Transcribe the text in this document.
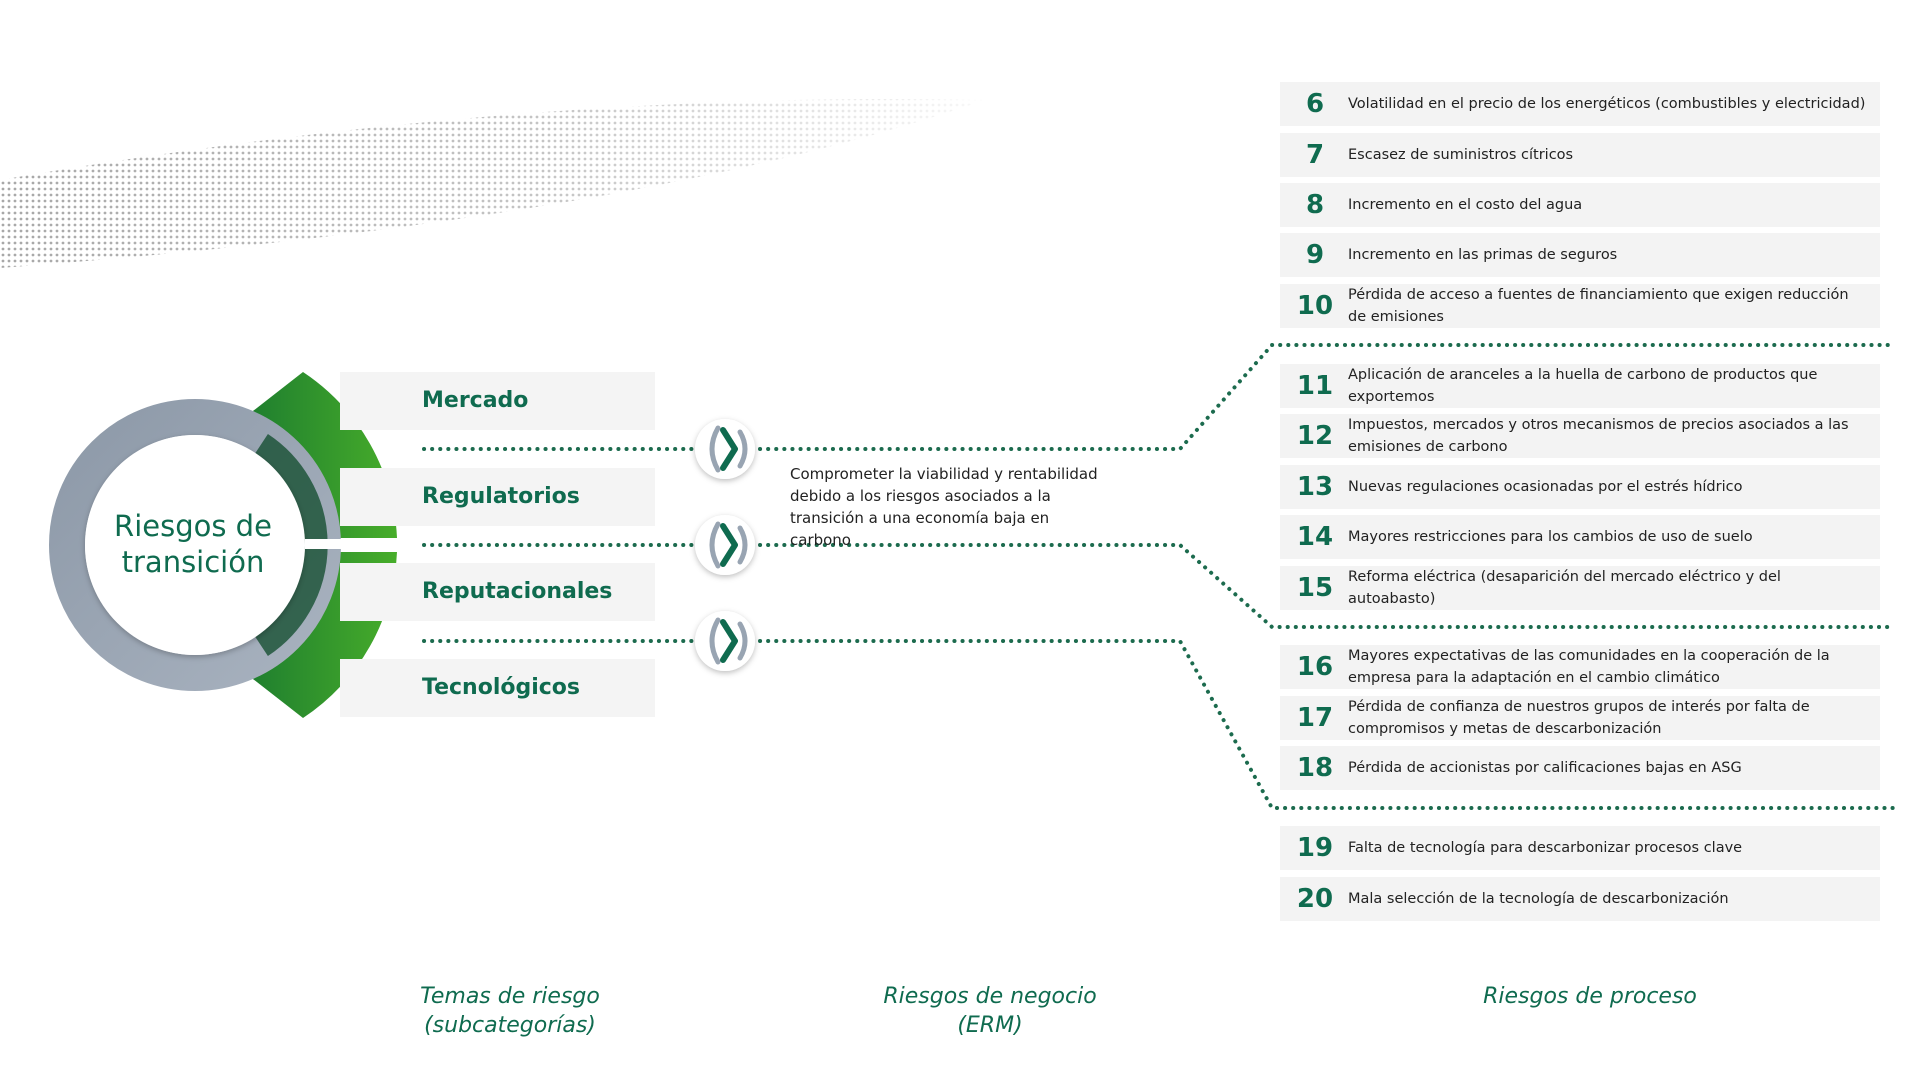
Riesgos de
transición
Mercado
Regulatorios
Reputacionales
Tecnológicos
Comprometer la viabilidad y rentabilidad debido a los riesgos asociados a la transición a una economía baja en carbono
6	Volatilidad en el precio de los energéticos (combustibles y electricidad)
7	Escasez de suministros cítricos
8	Incremento en el costo del agua
9	Incremento en las primas de seguros
10	Pérdida de acceso a fuentes de financiamiento que exigen reducción de emisiones
11	Aplicación de aranceles a la huella de carbono de productos que exportemos
12	Impuestos, mercados y otros mecanismos de precios asociados a las emisiones de carbono
13	Nuevas regulaciones ocasionadas por el estrés hídrico
14	Mayores restricciones para los cambios de uso de suelo
15	Reforma eléctrica (desaparición del mercado eléctrico y del autoabasto)
16	Mayores expectativas de las comunidades en la cooperación de la empresa para la adaptación en el cambio climático
17	Pérdida de confianza de nuestros grupos de interés por falta de compromisos y metas de descarbonización
18	Pérdida de accionistas por calificaciones bajas en ASG
19	Falta de tecnología para descarbonizar procesos clave
20	Mala selección de la tecnología de descarbonización
Temas de riesgo
(subcategorías)
Riesgos de negocio
(ERM)
Riesgos de proceso
